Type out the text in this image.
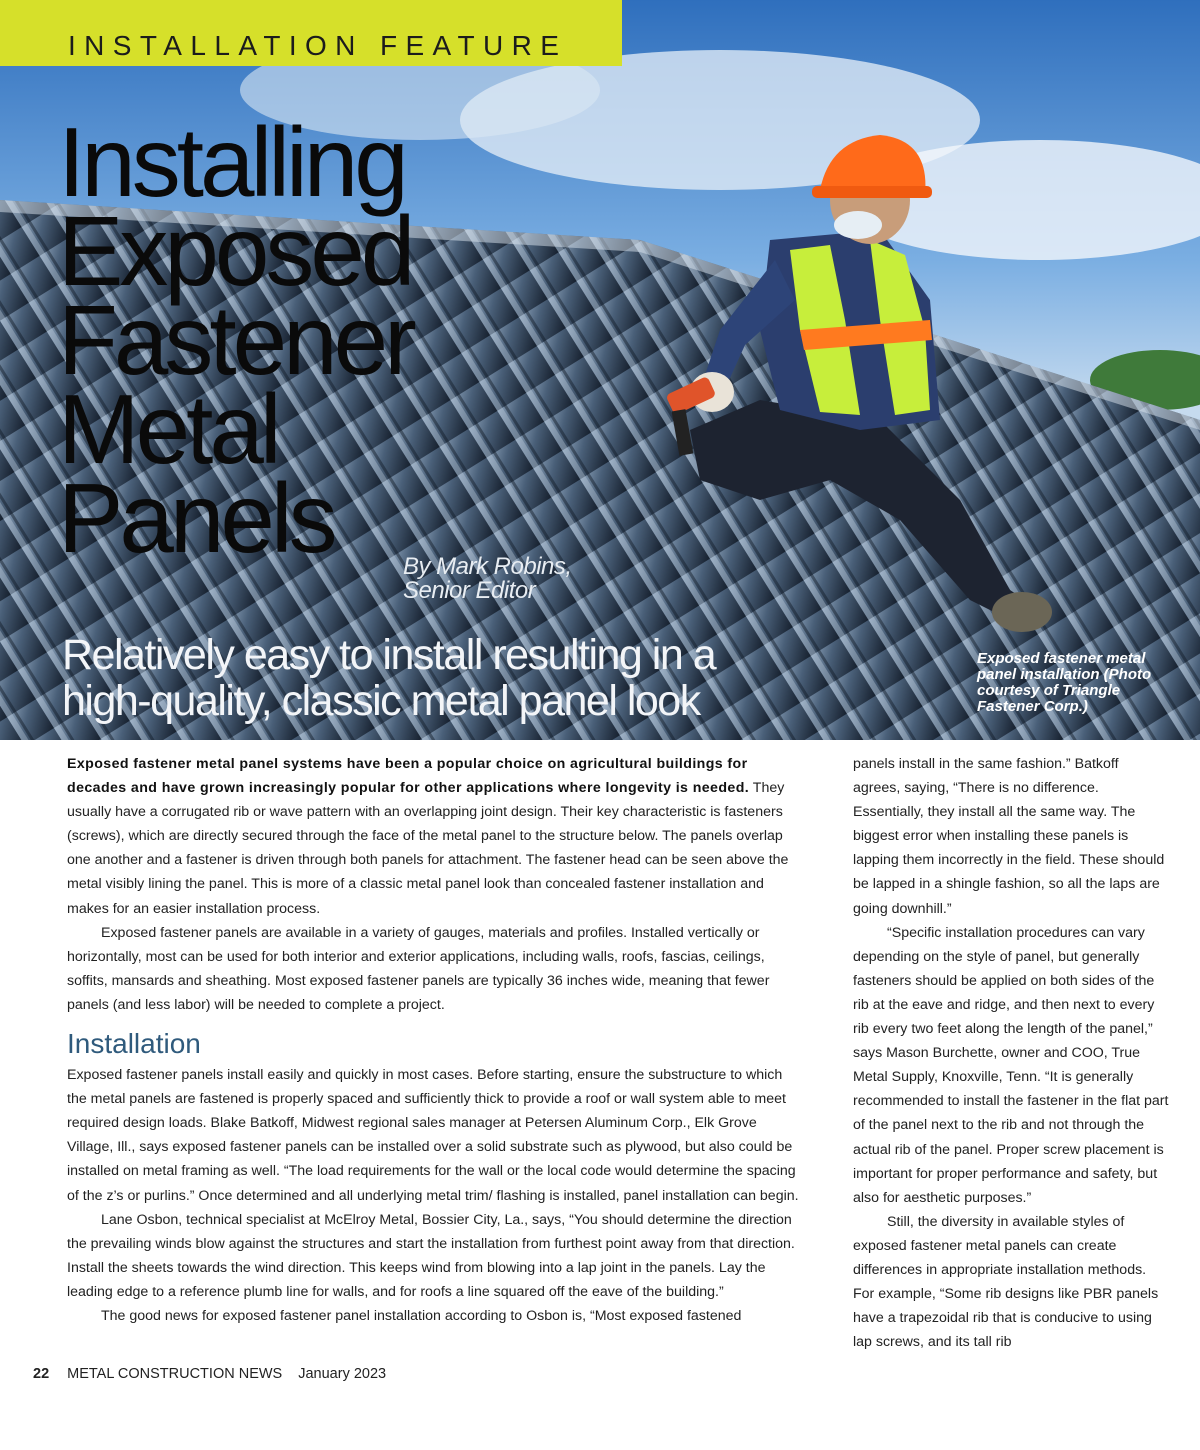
INSTALLATION FEATURE
Installing
Exposed
Fastener
Metal
Panels	By Mark Robins,
Senior Editor
Relatively easy to install resulting in a
high-quality, classic metal panel look
Exposed fastener metal panel installation (Photo courtesy of Triangle Fastener Corp.)

Exposed fastener metal panel systems have been a popular choice on agricultural buildings for decades and have grown increasingly popular for other applications where longevity is needed. They usually have a corrugated rib or wave pattern with an overlapping joint design. Their key characteristic is fasteners (screws), which are directly secured through the face of the metal panel to the structure below. The panels overlap one another and a fastener is driven through both panels for attachment. The fastener head can be seen above the metal visibly lining the panel. This is more of a classic metal panel look than concealed fastener installation and makes for an easier installation process.

Exposed fastener panels are available in a variety of gauges, materials and profiles. Installed vertically or horizontally, most can be used for both interior and exterior applications, including walls, roofs, fascias, ceilings, soffits, mansards and sheathing. Most exposed fastener panels are typically 36 inches wide, meaning that fewer panels (and less labor) will be needed to complete a project.

Installation

Exposed fastener panels install easily and quickly in most cases. Before starting, ensure the substructure to which the metal panels are fastened is properly spaced and sufficiently thick to provide a roof or wall system able to meet required design loads. Blake Batkoff, Midwest regional sales manager at Petersen Aluminum Corp., Elk Grove Village, Ill., says exposed fastener panels can be installed over a solid substrate such as plywood, but also could be installed on metal framing as well. “The load requirements for the wall or the local code would determine the spacing of the z’s or purlins.” Once determined and all underlying metal trim/ flashing is installed, panel installation can begin.

Lane Osbon, technical specialist at McElroy Metal, Bossier City, La., says, “You should determine the direction the prevailing winds blow against the structures and start the installation from furthest point away from that direction. Install the sheets towards the wind direction. This keeps wind from blowing into a lap joint in the panels. Lay the leading edge to a reference plumb line for walls, and for roofs a line squared off the eave of the building.”

The good news for exposed fastener panel installation according to Osbon is, “Most exposed fastened

panels install in the same fashion.” Batkoff agrees, saying, “There is no difference. Essentially, they install all the same way. The biggest error when installing these panels is lapping them incorrectly in the field. These should be lapped in a shingle fashion, so all the laps are going downhill.”

“Specific installation procedures can vary depending on the style of panel, but generally fasteners should be applied on both sides of the rib at the eave and ridge, and then next to every rib every two feet along the length of the panel,” says Mason Burchette, owner and COO, True Metal Supply, Knoxville, Tenn. “It is generally recommended to install the fastener in the flat part of the panel next to the rib and not through the actual rib of the panel. Proper screw placement is important for proper performance and safety, but also for aesthetic purposes.”

Still, the diversity in available styles of exposed fastener metal panels can create differences in appropriate installation methods. For example, “Some rib designs like PBR panels have a trapezoidal rib that is conducive to using lap screws, and its tall rib

22 METAL CONSTRUCTION NEWS January 2023
